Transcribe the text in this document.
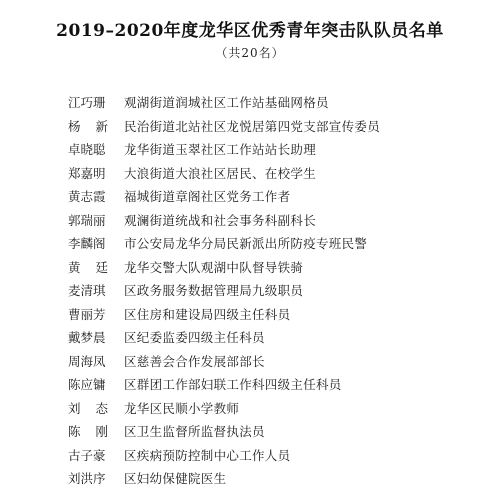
2019–2020年度龙华区优秀青年突击队队员名单
（共20名）
江巧珊 观湖街道润城社区工作站基础网格员
杨新民治街道北站社区龙悦居第四党支部宣传委员
卓晓聪 龙华街道玉翠社区工作站站长助理
郑嘉明 大浪街道大浪社区居民、在校学生
黄志霞 福城街道章阁社区党务工作者
郭瑞丽 观澜街道统战和社会事务科副科长
李麟阁 市公安局龙华分局民新派出所防疫专班民警
黄廷龙华交警大队观湖中队督导铁骑
麦清琪 区政务服务数据管理局九级职员
曹丽芳 区住房和建设局四级主任科员
戴梦晨 区纪委监委四级主任科员
周海凤 区慈善会合作发展部部长
陈应镛 区群团工作部妇联工作科四级主任科员
刘态龙华区民顺小学教师
陈刚区卫生监督所监督执法员
古子豪 区疾病预防控制中心工作人员
刘洪序 区妇幼保健院医生
